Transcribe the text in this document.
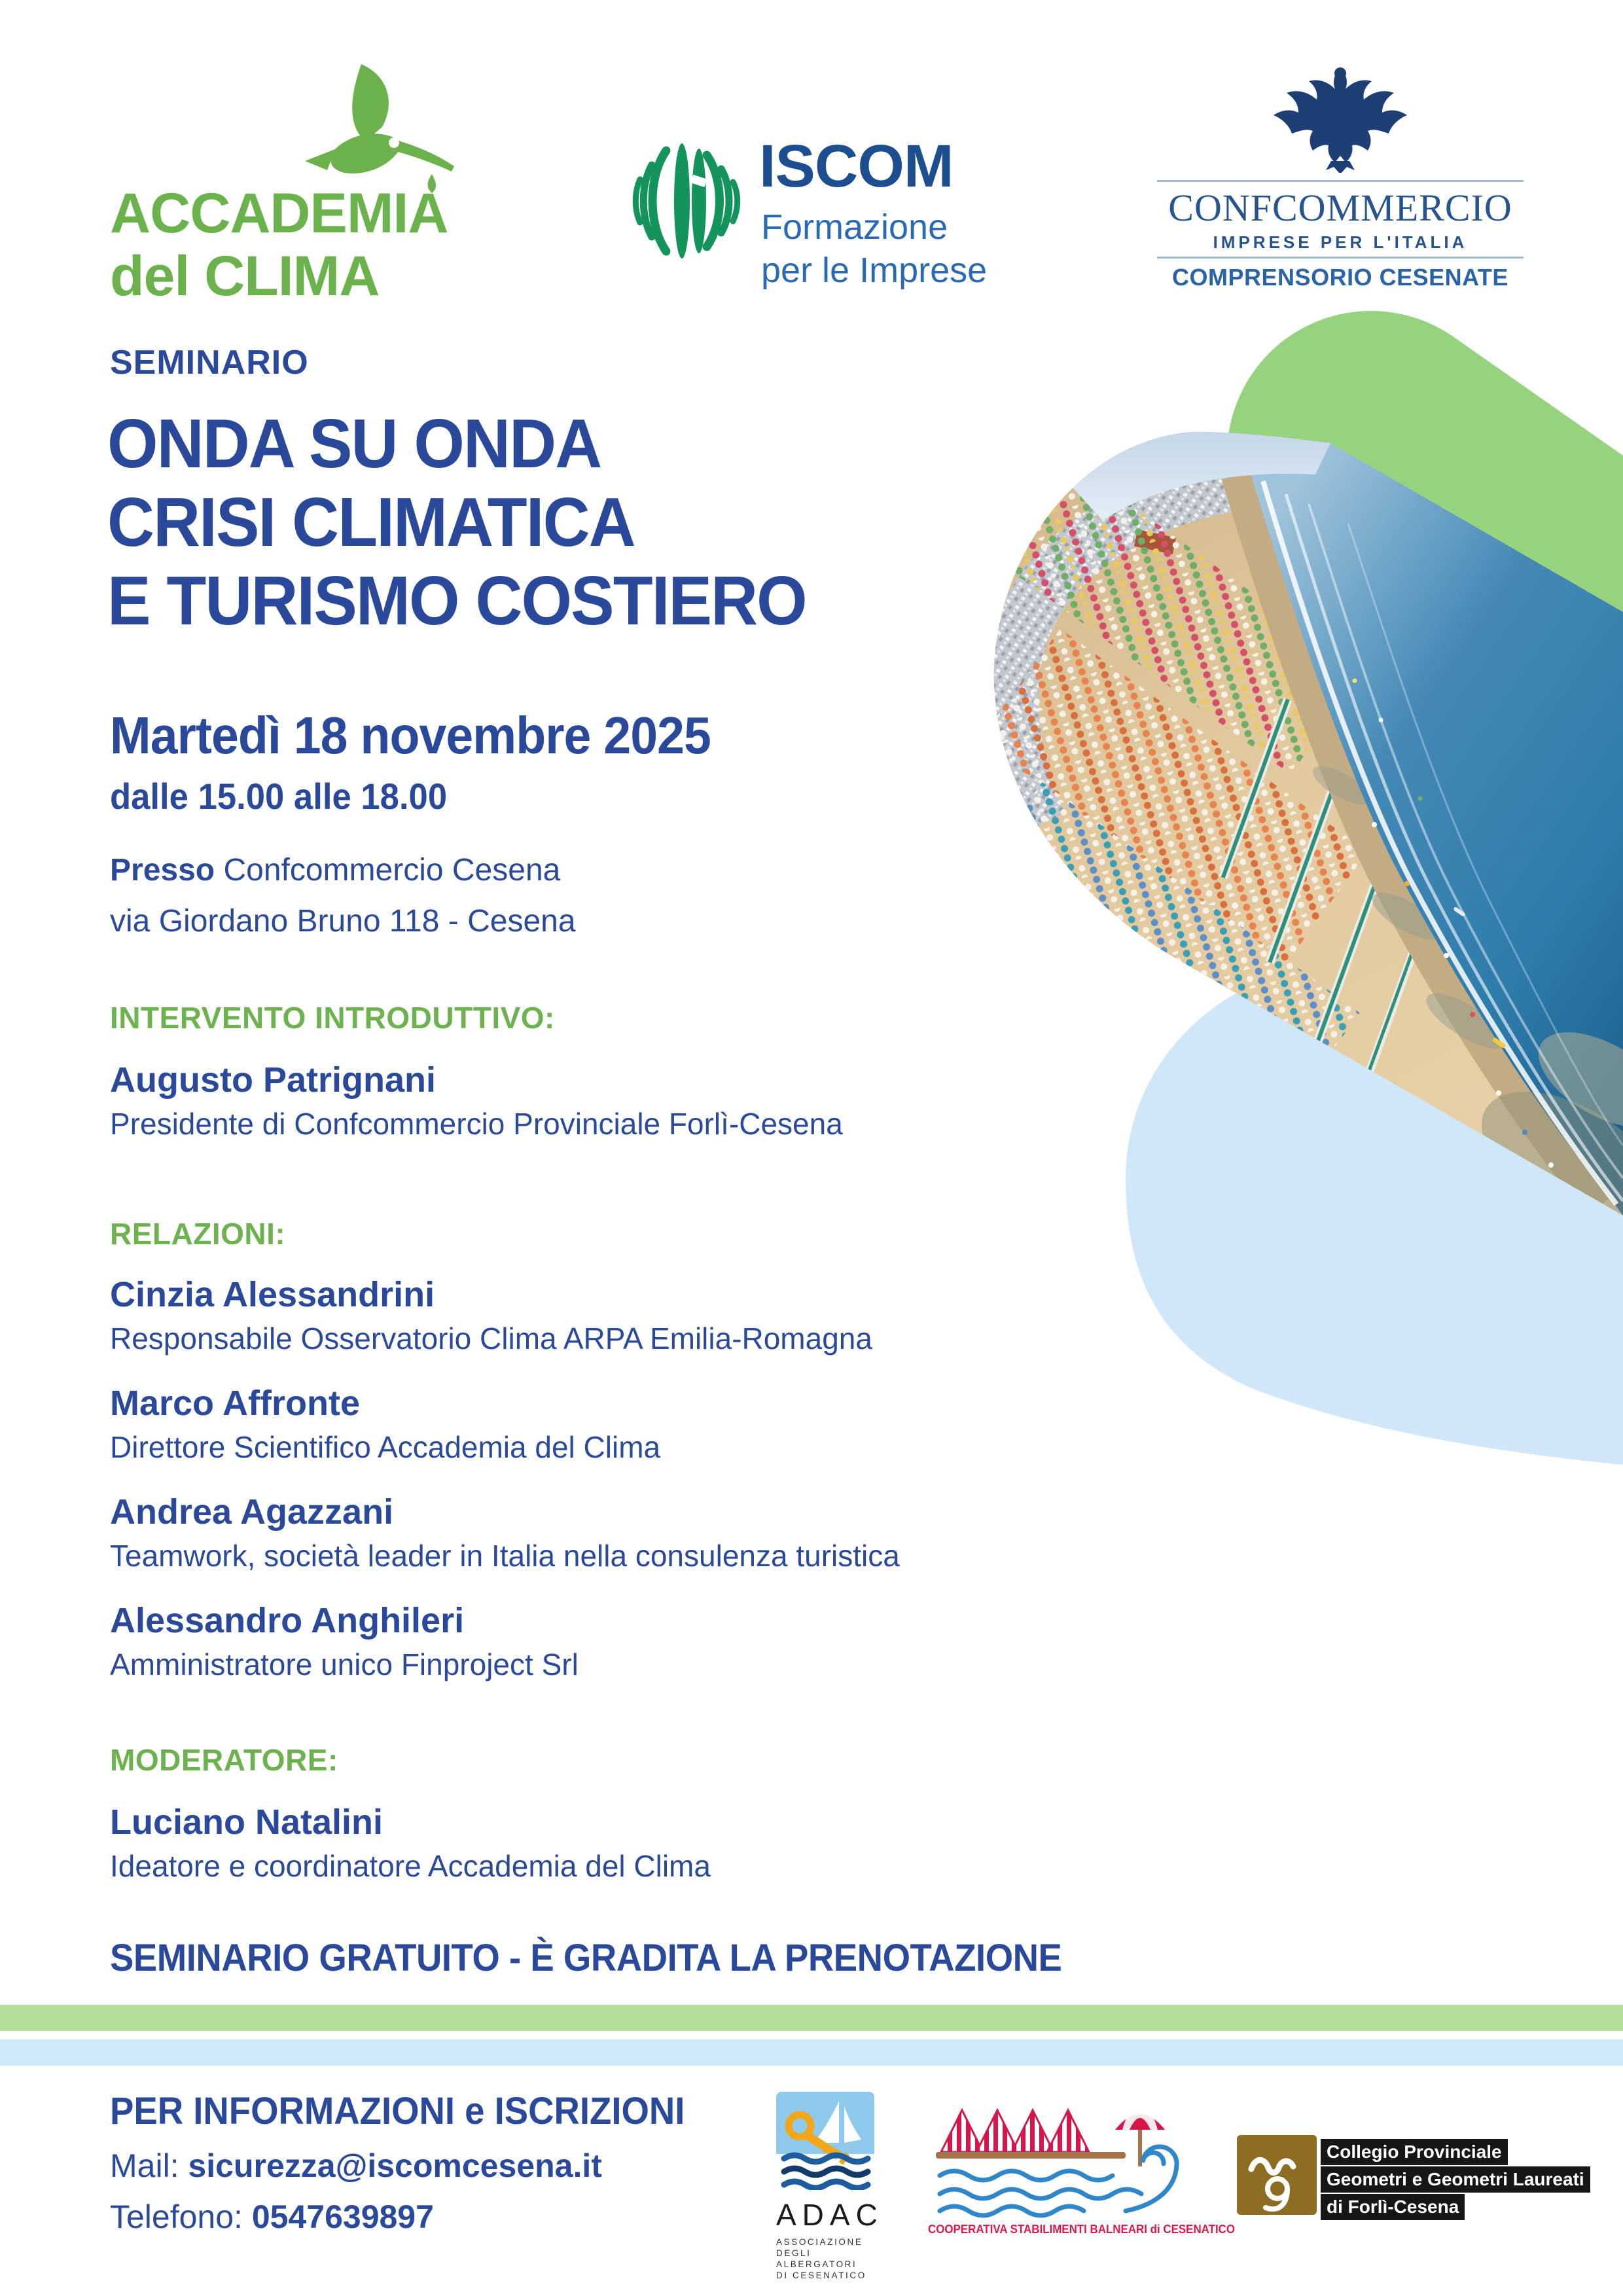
ACCADEMIA
del CLIMA
ISCOM
Formazione
per le Imprese
CONFCOMMERCIO
IMPRESE PER L'ITALIA
COMPRENSORIO CESENATE
SEMINARIO
ONDA SU ONDA
CRISI CLIMATICA
E TURISMO COSTIERO
Martedì 18 novembre 2025
dalle 15.00 alle 18.00
Presso Confcommercio Cesena
via Giordano Bruno 118 - Cesena
INTERVENTO INTRODUTTIVO:
Augusto Patrignani
Presidente di Confcommercio Provinciale Forlì-Cesena
RELAZIONI:
Cinzia Alessandrini
Responsabile Osservatorio Clima ARPA Emilia-Romagna
Marco Affronte
Direttore Scientifico Accademia del Clima
Andrea Agazzani
Teamwork, società leader in Italia nella consulenza turistica
Alessandro Anghileri
Amministratore unico Finproject Srl
MODERATORE:
Luciano Natalini
Ideatore e coordinatore Accademia del Clima
SEMINARIO GRATUITO - È GRADITA LA PRENOTAZIONE
PER INFORMAZIONI e ISCRIZIONI
Mail: sicurezza@iscomcesena.it
Telefono: 0547639897	ADAC
ASSOCIAZIONE
DEGLI ALBERGATORI
DI CESENATICO
COOPERATIVA STABILIMENTI BALNEARI di CESENATICO
Collegio Provinciale
Geometri e Geometri Laureati
di Forlì-Cesena
